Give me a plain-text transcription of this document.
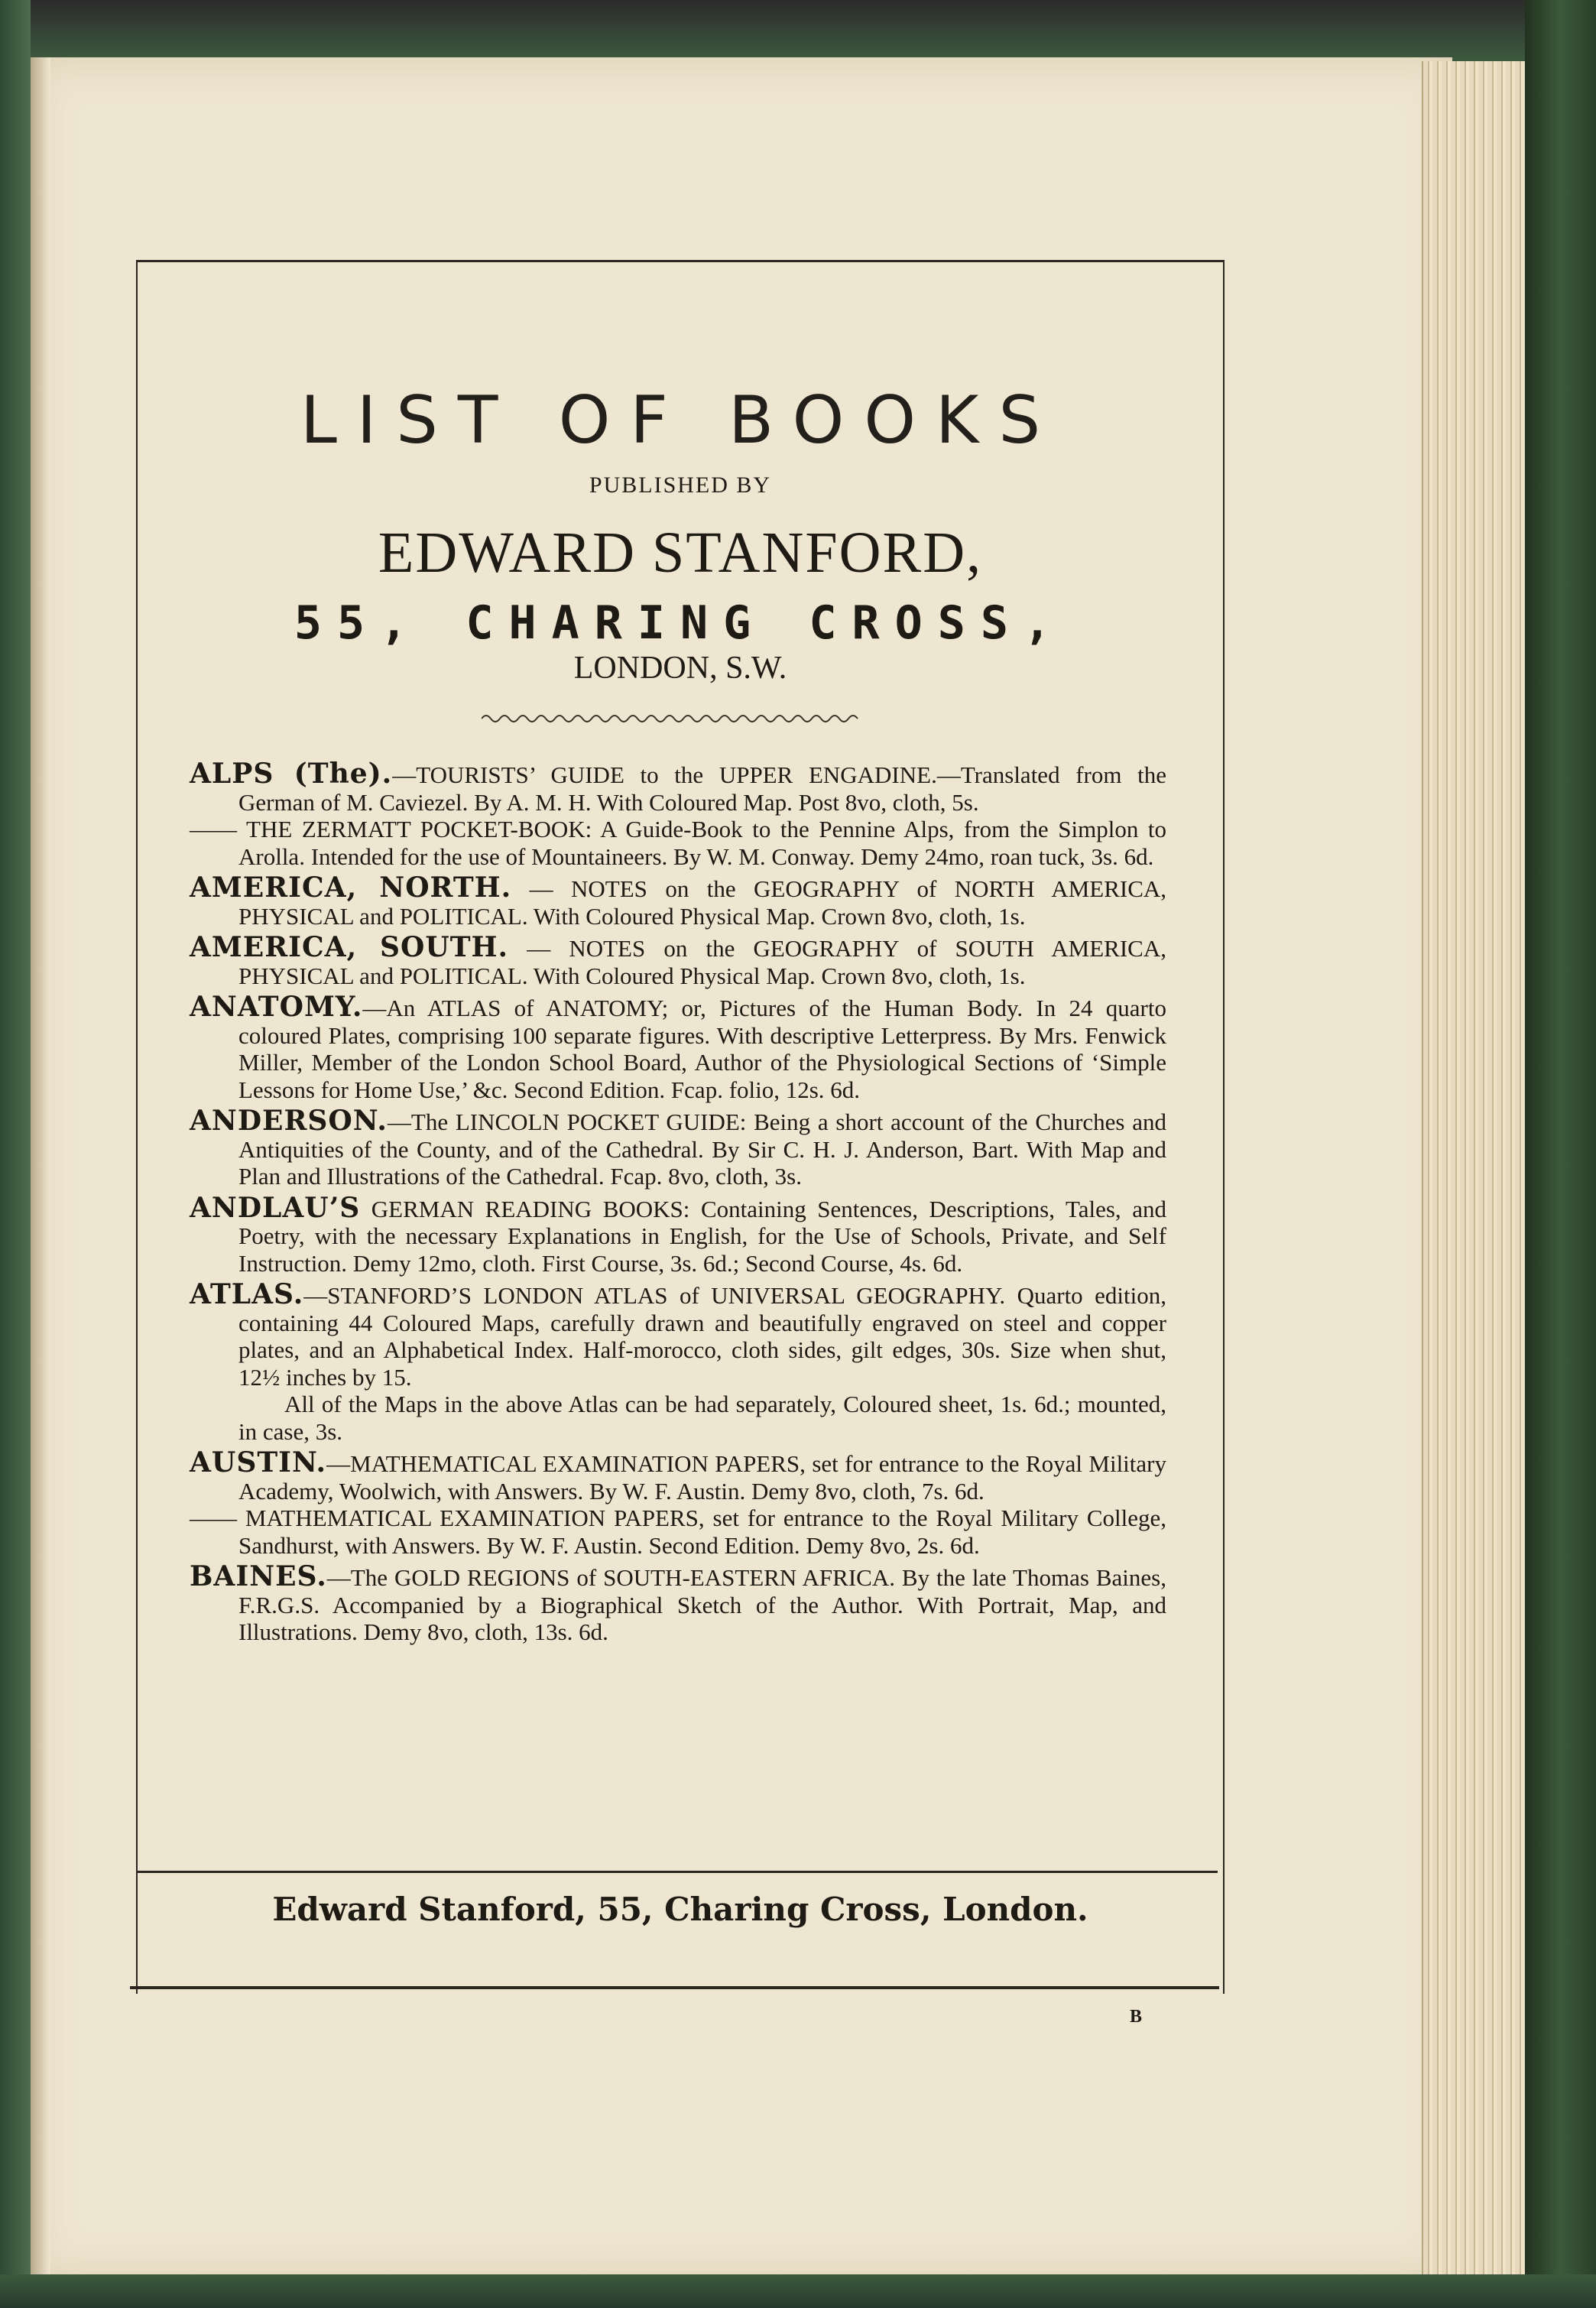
LIST OF BOOKS
PUBLISHED BY
EDWARD STANFORD,
55, CHARING CROSS,
LONDON, S.W.

ALPS (The).—TOURISTS’ GUIDE to the UPPER ENGADINE.—Translated from the German of M. Caviezel. By A. M. H. With Coloured Map. Post 8vo, cloth, 5s.

—— THE ZERMATT POCKET-BOOK: A Guide-Book to the Pennine Alps, from the Simplon to Arolla. Intended for the use of Mountaineers. By W. M. Conway. Demy 24mo, roan tuck, 3s. 6d.

AMERICA, NORTH. — NOTES on the GEOGRAPHY of NORTH AMERICA, PHYSICAL and POLITICAL. With Coloured Physical Map. Crown 8vo, cloth, 1s.

AMERICA, SOUTH. — NOTES on the GEOGRAPHY of SOUTH AMERICA, PHYSICAL and POLITICAL. With Coloured Physical Map. Crown 8vo, cloth, 1s.

ANATOMY.—An ATLAS of ANATOMY; or, Pictures of the Human Body. In 24 quarto coloured Plates, comprising 100 separate figures. With descriptive Letterpress. By Mrs. Fenwick Miller, Member of the London School Board, Author of the Physiological Sections of ‘Simple Lessons for Home Use,’ &c. Second Edition. Fcap. folio, 12s. 6d.

ANDERSON.—The LINCOLN POCKET GUIDE: Being a short account of the Churches and Antiquities of the County, and of the Cathedral. By Sir C. H. J. Anderson, Bart. With Map and Plan and Illustrations of the Cathedral. Fcap. 8vo, cloth, 3s.

ANDLAU’S GERMAN READING BOOKS: Containing Sentences, Descriptions, Tales, and Poetry, with the necessary Explanations in English, for the Use of Schools, Private, and Self Instruction. Demy 12mo, cloth. First Course, 3s. 6d.; Second Course, 4s. 6d.

ATLAS.—STANFORD’S LONDON ATLAS of UNIVERSAL GEOGRAPHY. Quarto edition, containing 44 Coloured Maps, carefully drawn and beautifully engraved on steel and copper plates, and an Alphabetical Index. Half-morocco, cloth sides, gilt edges, 30s. Size when shut, 12½ inches by 15.

All of the Maps in the above Atlas can be had separately, Coloured sheet, 1s. 6d.; mounted, in case, 3s.

AUSTIN.—MATHEMATICAL EXAMINATION PAPERS, set for entrance to the Royal Military Academy, Woolwich, with Answers. By W. F. Austin. Demy 8vo, cloth, 7s. 6d.

—— MATHEMATICAL EXAMINATION PAPERS, set for entrance to the Royal Military College, Sandhurst, with Answers. By W. F. Austin. Second Edition. Demy 8vo, 2s. 6d.

BAINES.—The GOLD REGIONS of SOUTH-EASTERN AFRICA. By the late Thomas Baines, F.R.G.S. Accompanied by a Biographical Sketch of the Author. With Portrait, Map, and Illustrations. Demy 8vo, cloth, 13s. 6d.

Edward Stanford, 55, Charing Cross, London.
B
